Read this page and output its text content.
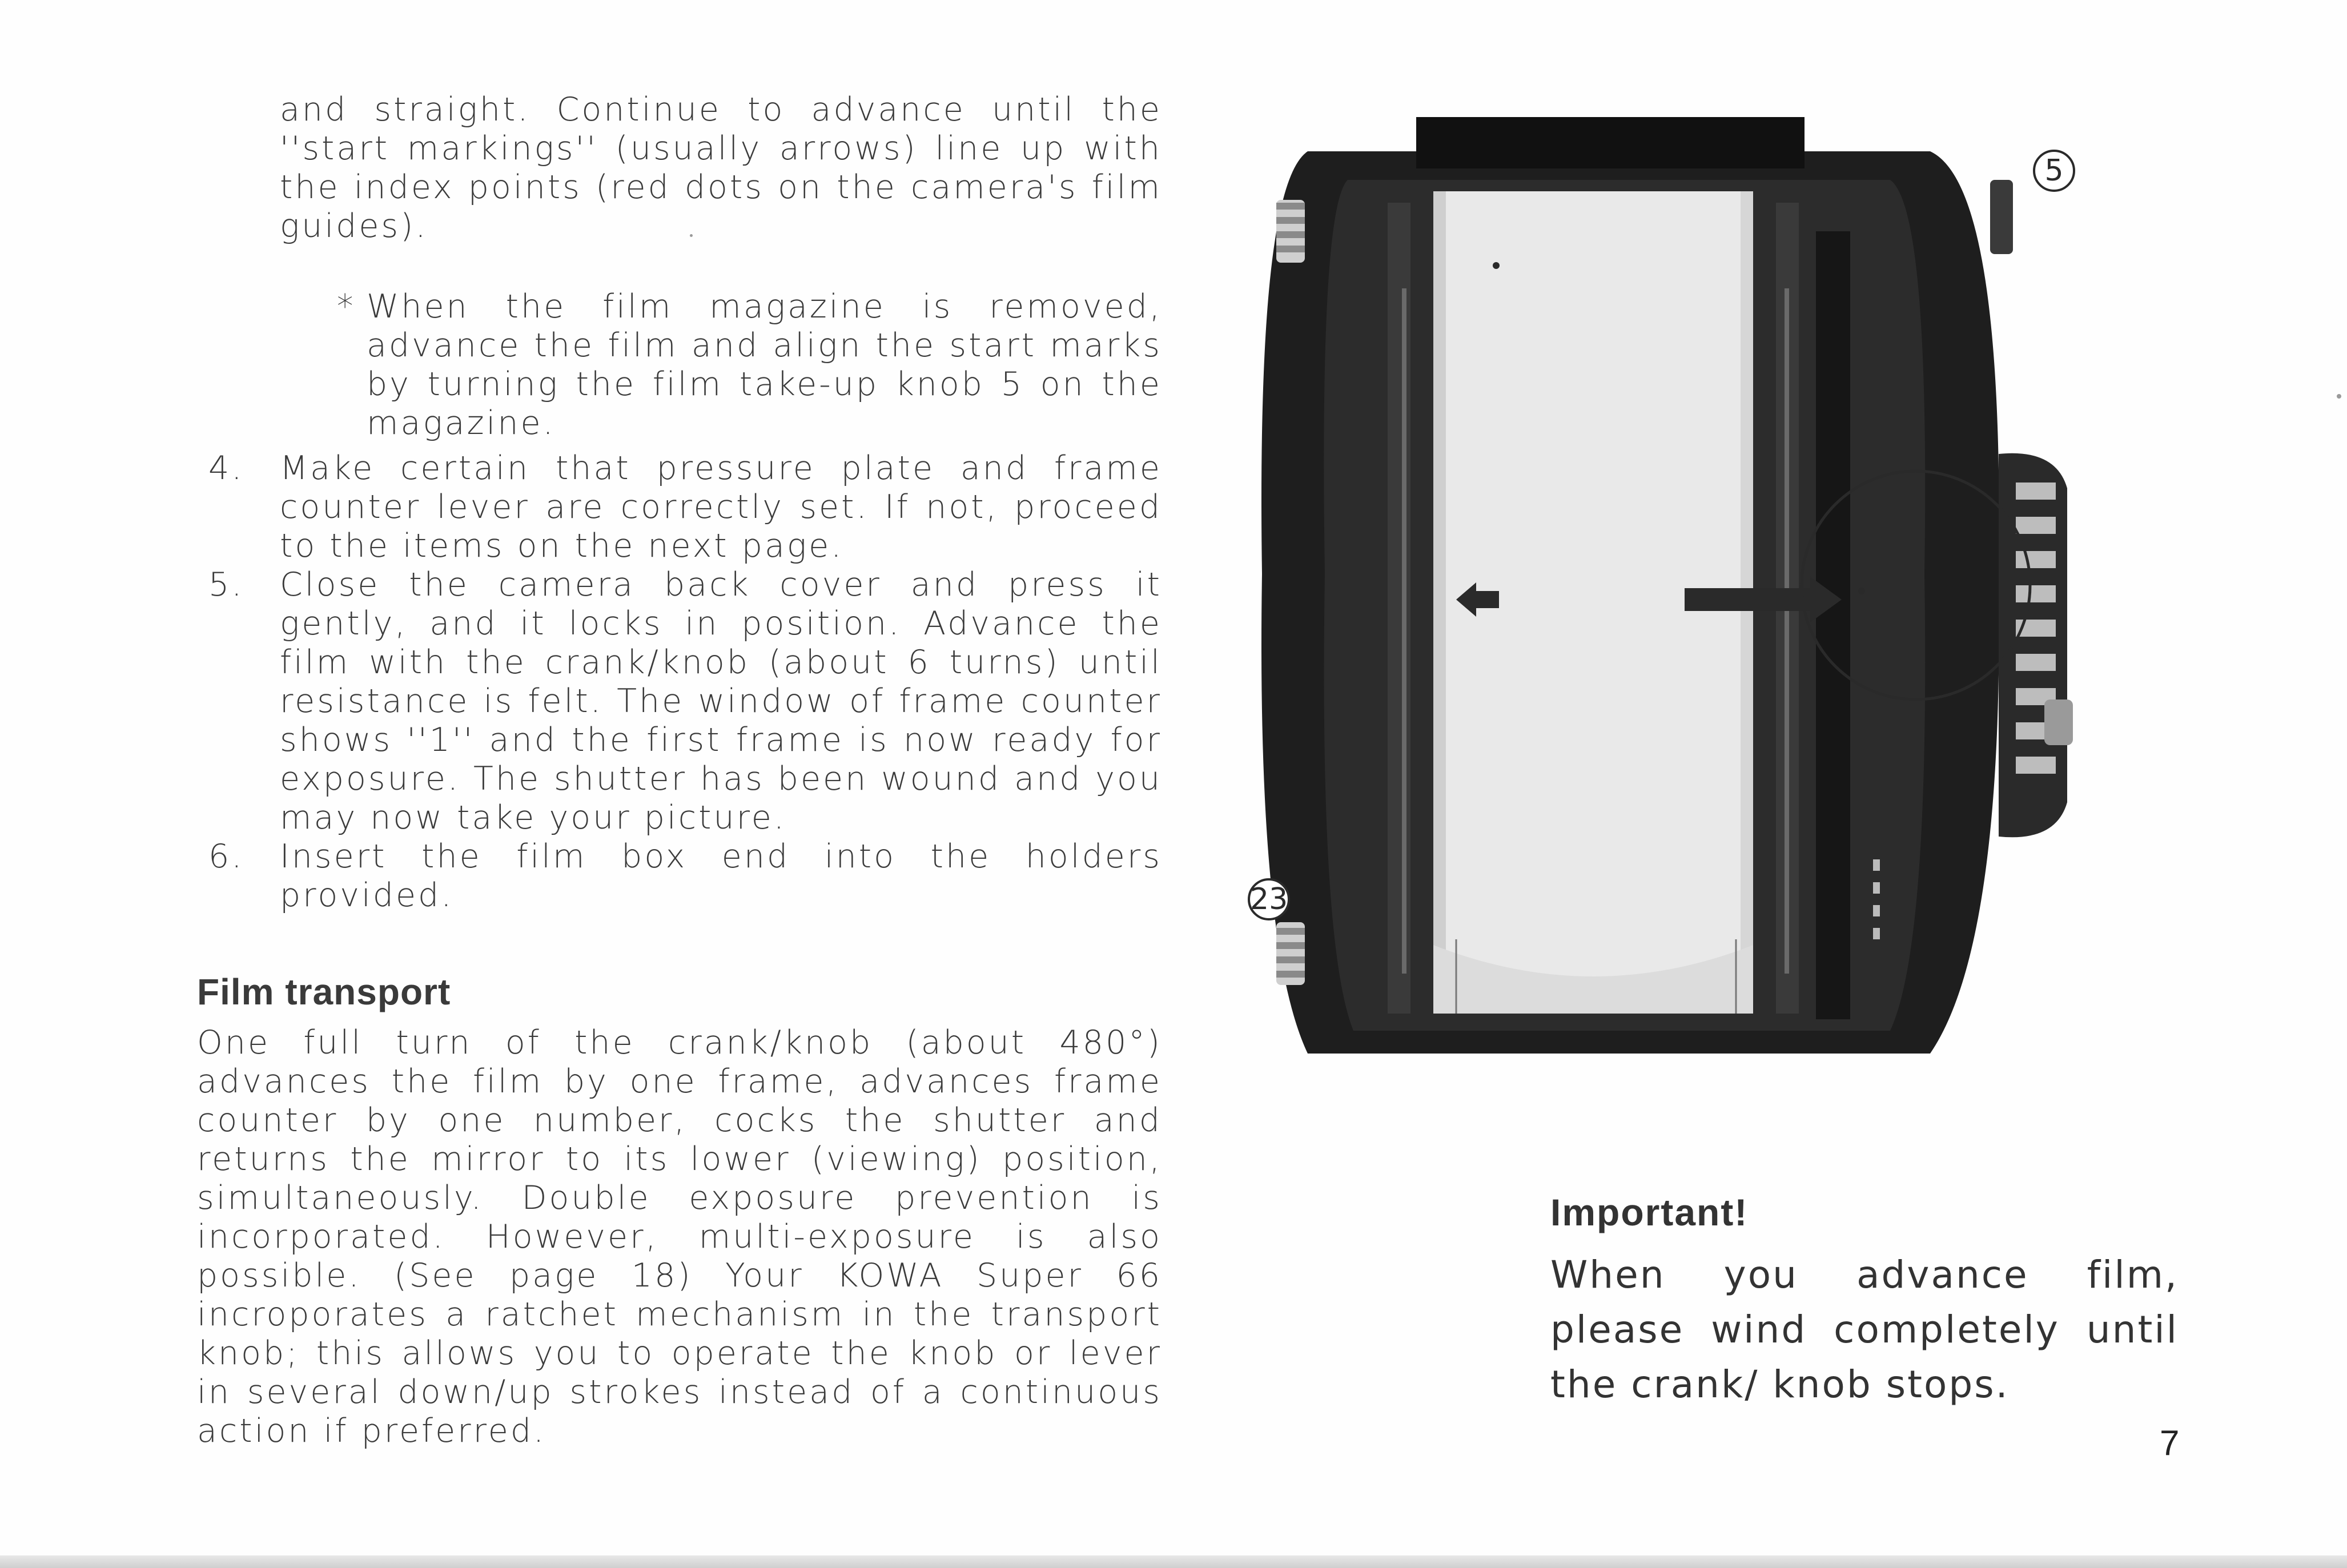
and straight. Continue to advance until the ''start markings'' (usually arrows) line up with the index points (red dots on the camera's film guides).

* When the film magazine is removed, advance the film and align the start marks by turning the film take-up knob 5 on the magazine.

4. Make certain that pressure plate and frame counter lever are correctly set. If not, proceed to the items on the next page.

5. Close the camera back cover and press it gently, and it locks in position. Advance the film with the crank/knob (about 6 turns) until resistance is felt. The window of frame counter shows ''1'' and the first frame is now ready for exposure. The shutter has been wound and you may now take your picture.

6. Insert the film box end into the holders provided.

Film transport

One full turn of the crank/knob (about 480°) advances the film by one frame, advances frame counter by one number, cocks the shutter and returns the mirror to its lower (viewing) position, simultaneously. Double exposure prevention is incorporated. However, multi-exposure is also possible. (See page 18) Your KOWA Super 66 incroporates a ratchet mechanism in the transport knob; this allows you to operate the knob or lever in several down/up strokes instead of a continuous action if preferred.

5
23
Important!

When you advance film, please wind completely until the crank/ knob stops.

7
